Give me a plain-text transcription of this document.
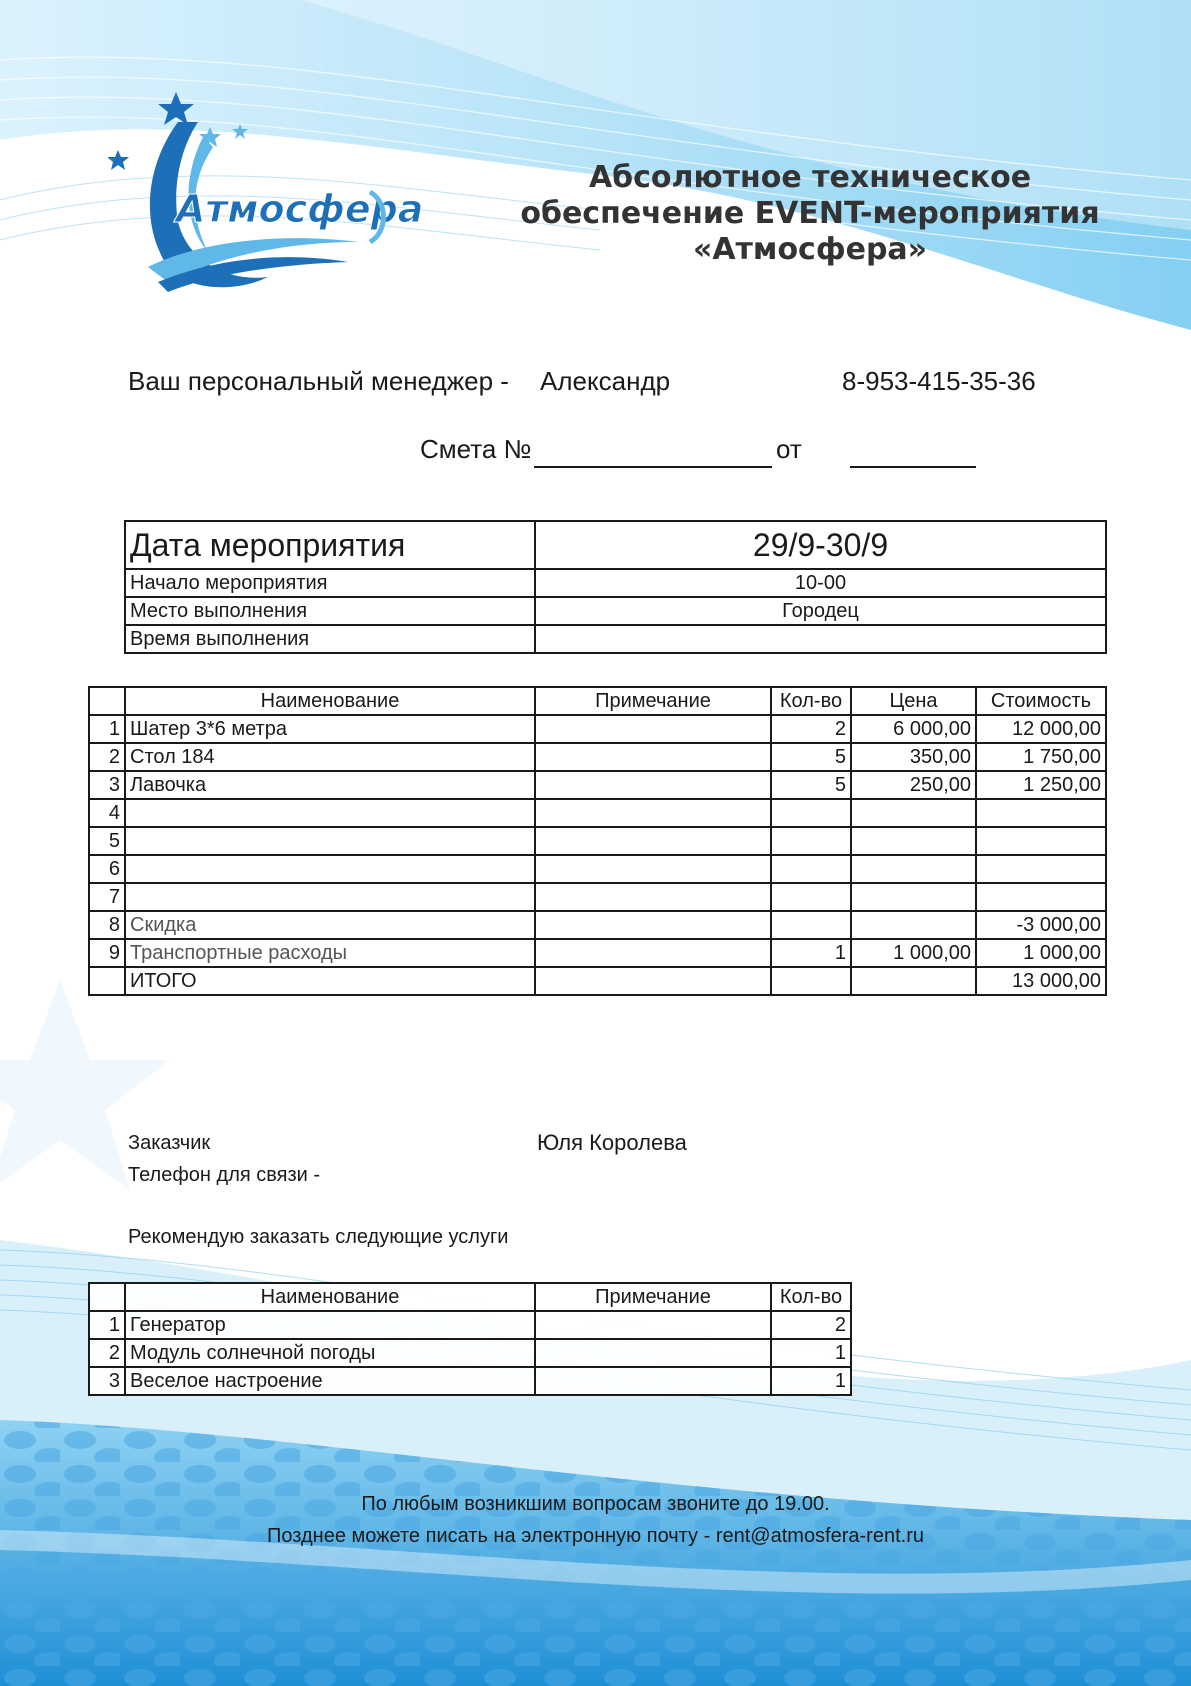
Атмосфера
Абсолютное техническое
обеспечение EVENT-мероприятия
«Атмосфера»
Ваш персональный менеджер - Александр	8-953-415-35-36
Смета №	от
Дата мероприятия	29/9-30/9
Начало мероприятия	10-00
Место выполнения	Городец
Время выполнения	
	Наименование	Примечание	Кол-во	Цена	Стоимость
1	Шатер 3*6 метра		2	6 000,00	12 000,00
2	Стол 184		5	350,00	1 750,00
3	Лавочка		5	250,00	1 250,00
4					
5					
6					
7					
8	Скидка				-3 000,00
9	Транспортные расходы		1	1 000,00	1 000,00
	ИТОГО				13 000,00
Заказчик	Юля Королева
Телефон для связи -
Рекомендую заказать следующие услуги
	Наименование	Примечание	Кол-во
1	Генератор		2
2	Модуль солнечной погоды		1
3	Веселое настроение		1
По любым возникшим вопросам звоните до 19.00.
Позднее можете писать на электронную почту - rent@atmosfera-rent.ru
